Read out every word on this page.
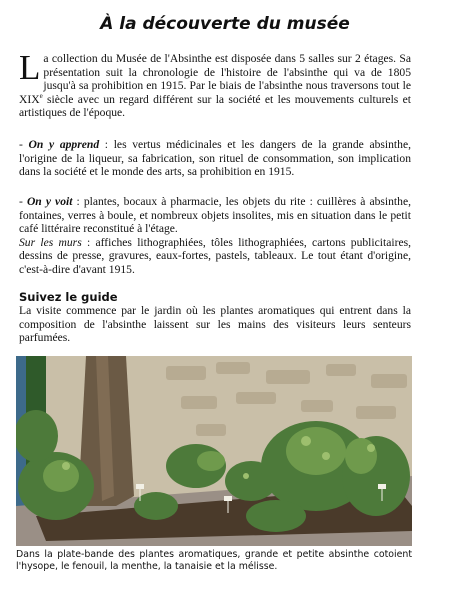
À la découverte du musée
L a collection du Musée de l'Absinthe est disposée dans 5 salles sur 2 étages. Sa présentation suit la chronologie de l'histoire de l'absinthe qui va de 1805 jusqu'à sa prohibition en 1915. Par le biais de l'absinthe nous traversons tout le XIXe siècle avec un regard différent sur la société et les mouvements culturels et artistiques de l'époque.

- On y apprend : les vertus médicinales et les dangers de la grande absinthe, l'origine de la liqueur, sa fabrication, son rituel de consommation, son implication dans la société et le monde des arts, sa prohibition en 1915.

- On y voit : plantes, bocaux à pharmacie, les objets du rite : cuillères à absinthe, fontaines, verres à boule, et nombreux objets insolites, mis en situation dans le petit café littéraire reconstitué à l'étage.

Sur les murs : affiches lithographiées, tôles lithographiées, cartons publicitaires, dessins de presse, gravures, eaux-fortes, pastels, tableaux. Le tout étant d'origine, c'est-à-dire d'avant 1915.

Suivez le guide

La visite commence par le jardin où les plantes aromatiques qui entrent dans la composition de l'absinthe laissent sur les mains des visiteurs leurs senteurs parfumées.

Dans la plate-bande des plantes aromatiques, grande et petite absinthe cotoient l'hysope, le fenouil, la menthe, la tanaisie et la mélisse.
